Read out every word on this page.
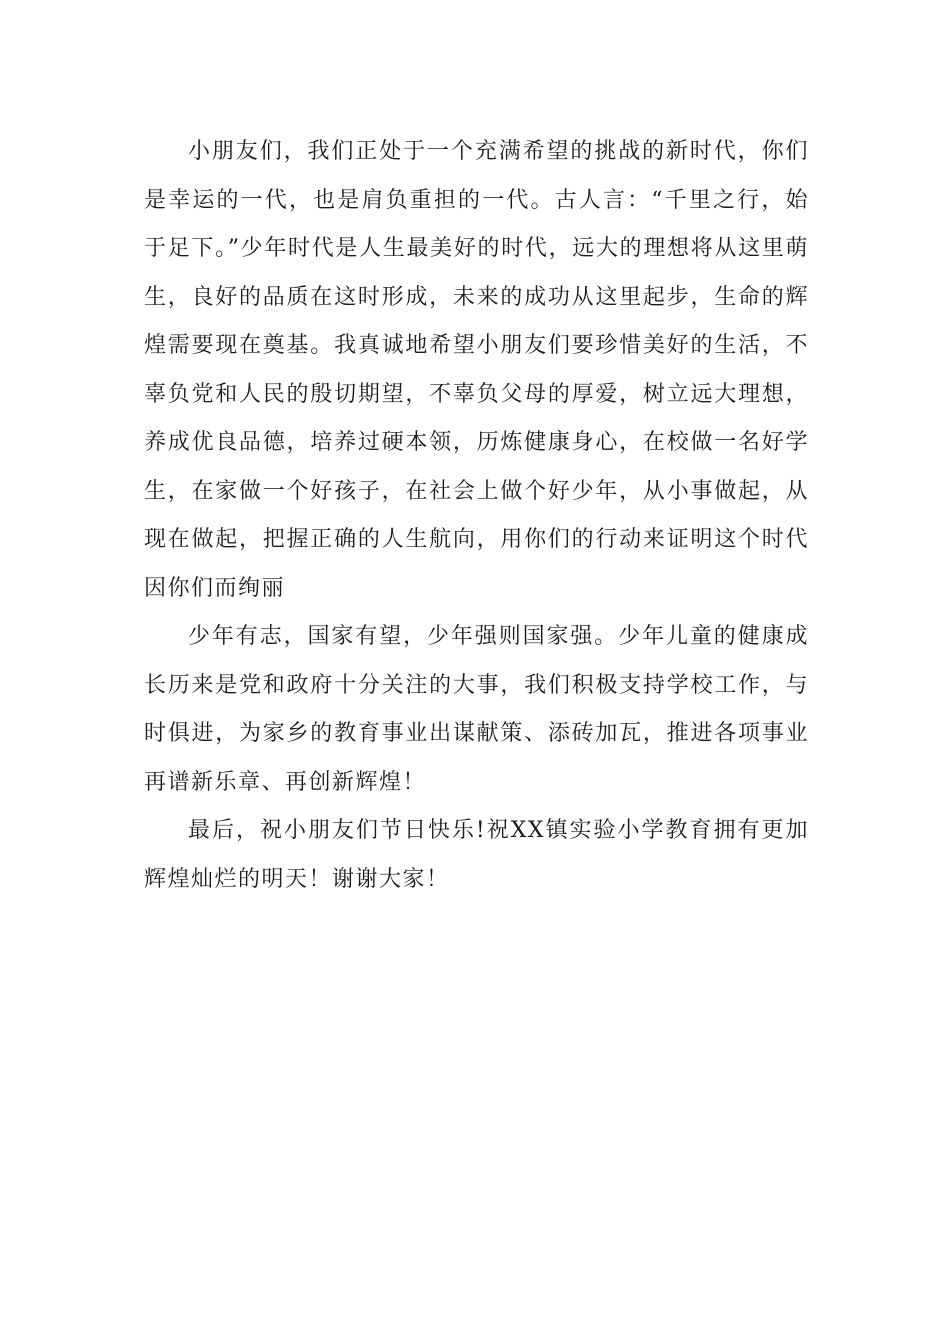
小朋友们，我们正处于一个充满希望的挑战的新时代，你们是幸运的一代，也是肩负重担的一代。古人言：“千里之行，始于足下。”少年时代是人生最美好的时代，远大的理想将从这里萌生，良好的品质在这时形成，未来的成功从这里起步，生命的辉煌需要现在奠基。我真诚地希望小朋友们要珍惜美好的生活，不辜负党和人民的殷切期望，不辜负父母的厚爱，树立远大理想，养成优良品德，培养过硬本领，历炼健康身心，在校做一名好学生，在家做一个好孩子，在社会上做个好少年，从小事做起，从现在做起，把握正确的人生航向，用你们的行动来证明这个时代因你们而绚丽

少年有志，国家有望，少年强则国家强。少年儿童的健康成长历来是党和政府十分关注的大事，我们积极支持学校工作，与时俱进，为家乡的教育事业出谋献策、添砖加瓦，推进各项事业再谱新乐章、再创新辉煌！

最后，祝小朋友们节日快乐!祝XX镇实验小学教育拥有更加辉煌灿烂的明天！谢谢大家！
